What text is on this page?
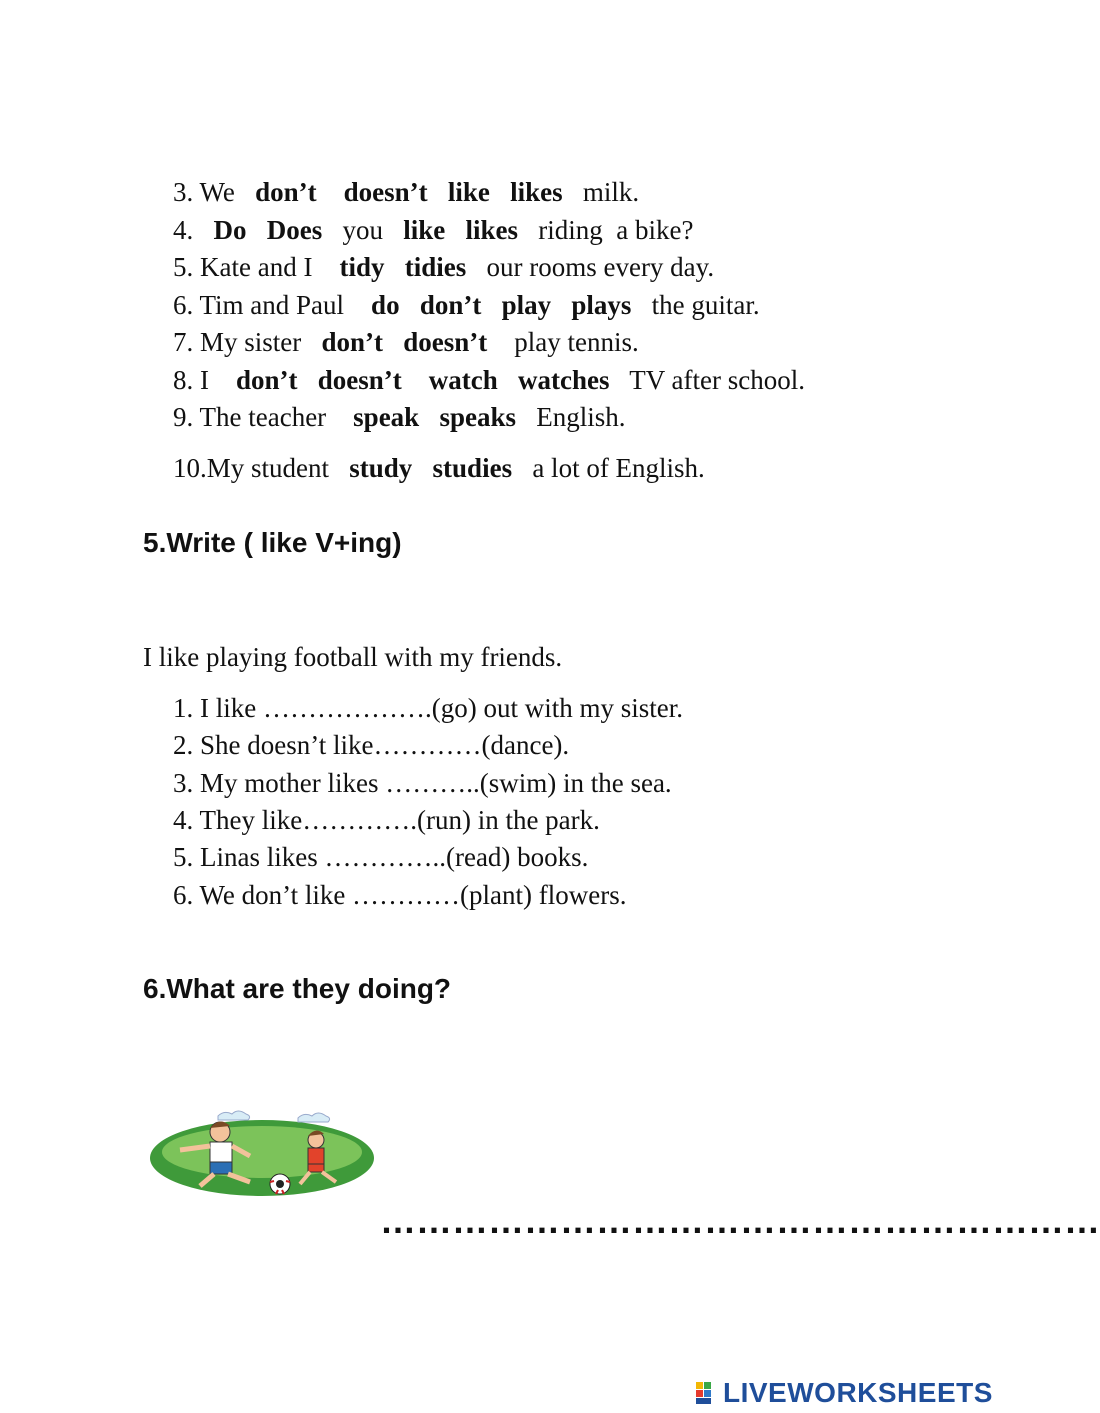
3. We don’t doesn’t like likes milk.

4. Do Does you like likes riding  a bike?

5. Kate and I tidy tidies our rooms every day.

6. Tim and Paul do don’t play plays the guitar.

7. My sister don’t doesn’t play tennis.

8. I don’t doesn’t watch watches TV after school.

9. The teacher speak speaks English.

10.My student study studies a lot of English.

5.Write ( like V+ing)
I like playing football with my friends.
1. I like ……………….(go) out with my sister.
2. She doesn’t like…………(dance).
3. My mother likes ………..(swim) in the sea.
4. They like………….(run) in the park.
5. Linas likes …………..(read) books.
6. We don’t like …………(plant) flowers.
6.What are they doing?
……………………………………………………
LIVEWORKSHEETS
